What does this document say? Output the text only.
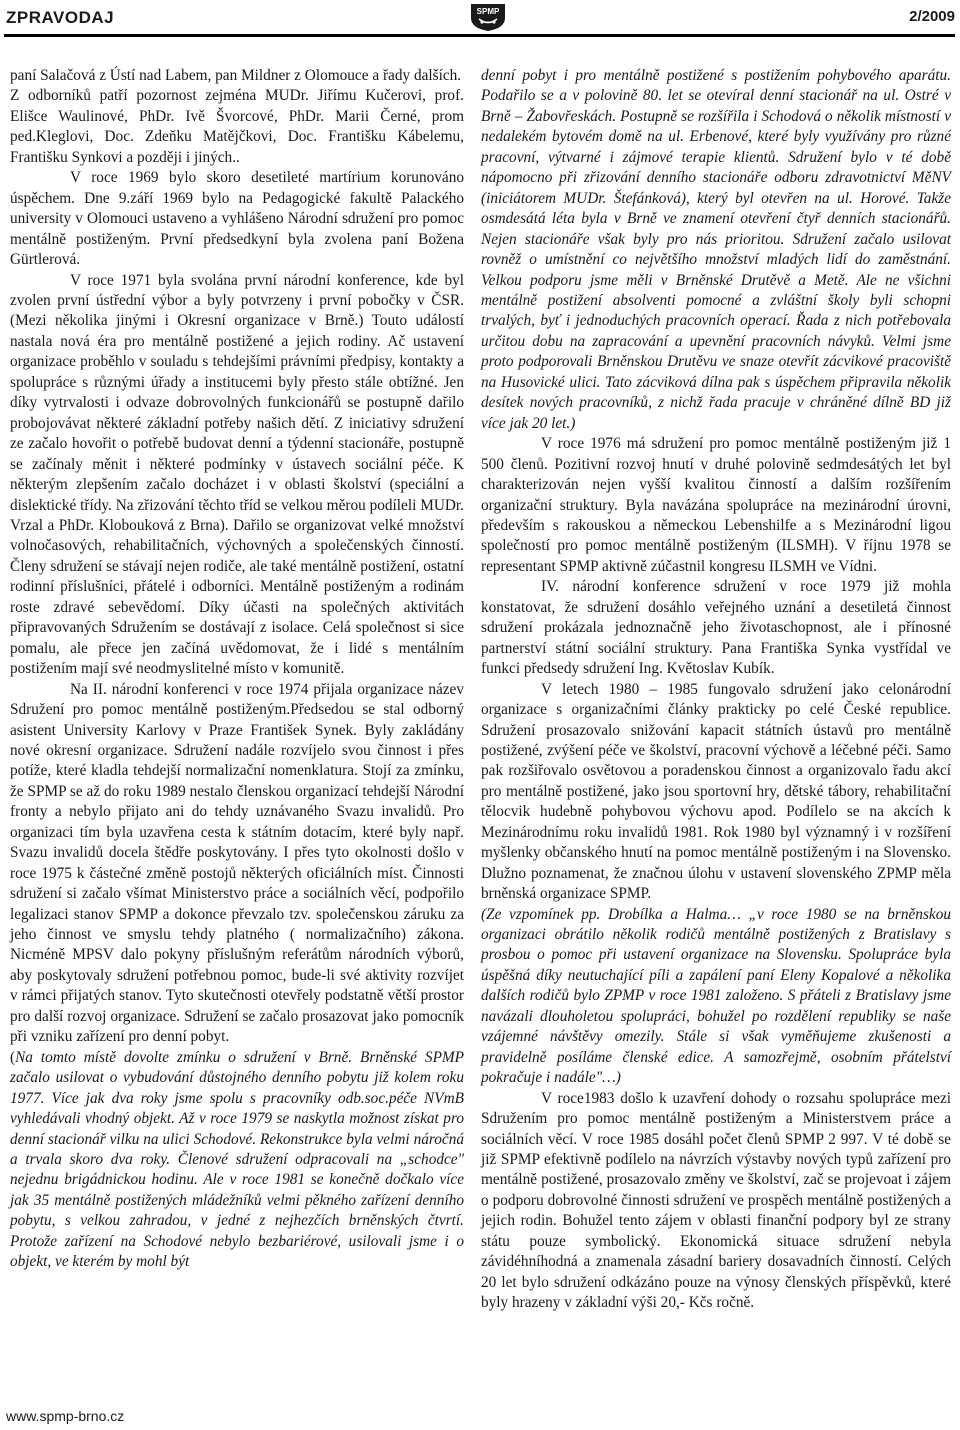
ZPRAVODAJ	SPMP	2/2009

paní Salačová z Ústí nad Labem, pan Mildner z Olomouce a řady dalších.

Z odborníků patří pozornost zejména MUDr. Jiřímu Kučerovi, prof. Elišce Waulinové, PhDr. Ivě Švorcové, PhDr. Marii Černé, prom ped.Kleglovi, Doc. Zdeňku Matějčkovi, Doc. Františku Kábelemu, Františku Synkovi a později i jiných..

V roce 1969 bylo skoro desetileté martírium korunováno úspěchem. Dne 9.září 1969 bylo na Pedagogické fakultě Palackého university v Olomouci ustaveno a vyhlášeno Národní sdružení pro pomoc mentálně postiženým. První předsedkyní byla zvolena paní Božena Gürtlerová.

V roce 1971 byla svolána první národní konference, kde byl zvolen první ústřední výbor a byly potvrzeny i první pobočky v ČSR. (Mezi několika jinými i Okresní organizace v Brně.) Touto událostí nastala nová éra pro mentálně postižené a jejich rodiny. Ač ustavení organizace proběhlo v souladu s tehdejšími právními předpisy, kontakty a spolupráce s různými úřady a institucemi byly přesto stále obtížné. Jen díky vytrvalosti i odvaze dobrovolných funkcionářů se postupně dařilo probojovávat některé základní potřeby našich dětí. Z iniciativy sdružení ze začalo hovořit o potřebě budovat denní a týdenní stacionáře, postupně se začínaly měnit i některé podmínky v ústavech sociální péče. K některým zlepšením začalo docházet i v oblasti školství (speciální a dislektické třídy. Na zřizování těchto tříd se velkou měrou podíleli MUDr. Vrzal a PhDr. Klobouková z Brna). Dařilo se organizovat velké množství volnočasových, rehabilitačních, výchovných a společenských činností. Členy sdružení se stávají nejen rodiče, ale také mentálně postižení, ostatní rodinní příslušníci, přátelé i odborníci. Mentálně postiženým a rodinám roste zdravé sebevědomí. Díky účasti na společných aktivitách připravovaných Sdružením se dostávají z isolace. Celá společnost si sice pomalu, ale přece jen začíná uvědomovat, že i lidé s mentálním postižením mají své neodmyslitelné místo v komunitě.

Na II. národní konferenci v roce 1974 přijala organizace název Sdružení pro pomoc mentálně postiženým.Předsedou se stal odborný asistent University Karlovy v Praze František Synek. Byly zakládány nové okresní organizace. Sdružení nadále rozvíjelo svou činnost i přes potíže, které kladla tehdejší normalizační nomenklatura. Stojí za zmínku, že SPMP se až do roku 1989 nestalo členskou organizací tehdejší Národní fronty a nebylo přijato ani do tehdy uznávaného Svazu invalidů. Pro organizaci tím byla uzavřena cesta k státním dotacím, které byly např. Svazu invalidů docela štědře poskytovány. I přes tyto okolnosti došlo v roce 1975 k částečné změně postojů některých oficiálních míst. Činnosti sdružení si začalo všímat Ministerstvo práce a sociálních věcí, podpořilo legalizaci stanov SPMP a dokonce převzalo tzv. společenskou záruku za jeho činnost ve smyslu tehdy platného ( normalizačního) zákona. Nicméně MPSV dalo pokyny příslušným referátům národních výborů, aby poskytovaly sdružení potřebnou pomoc, bude-li své aktivity rozvíjet v rámci přijatých stanov. Tyto skutečnosti otevřely podstatně větší prostor pro další rozvoj organizace. Sdružení se začalo prosazovat jako pomocník při vzniku zařízení pro denní pobyt.

(Na tomto místě dovolte zmínku o sdružení v Brně. Brněnské SPMP začalo usilovat o vybudování důstojného denního pobytu již kolem roku 1977. Více jak dva roky jsme spolu s pracovníky odb.soc.péče NVmB vyhledávali vhodný objekt. Až v roce 1979 se naskytla možnost získat pro denní stacionář vilku na ulici Schodové. Rekonstrukce byla velmi náročná a trvala skoro dva roky. Členové sdružení odpracovali na „schodce" nejednu brigádnickou hodinu. Ale v roce 1981 se konečně dočkalo více jak 35 mentálně postižených mládežníků velmi pěkného zařízení denního pobytu, s velkou zahradou, v jedné z nejhezčích brněnských čtvrtí. Protože zařízení na Schodové nebylo bezbariérové, usilovali jsme i o objekt, ve kterém by mohl být

denní pobyt i pro mentálně postižené s postižením pohybového aparátu. Podařilo se a v polovině 80. let se otevíral denní stacionář na ul. Ostré v Brně – Žabovřeskách. Postupně se rozšířila i Schodová o několik místností v nedalekém bytovém domě na ul. Erbenové, které byly využívány pro různé pracovní, výtvarné i zájmové terapie klientů. Sdružení bylo v té době nápomocno při zřizování denního stacionáře odboru zdravotnictví MěNV (iniciátorem MUDr. Štefánková), který byl otevřen na ul. Horové. Takže osmdesátá léta byla v Brně ve znamení otevření čtyř denních stacionářů. Nejen stacionáře však byly pro nás prioritou. Sdružení začalo usilovat rovněž o umístnění co největšího množství mladých lidí do zaměstnání. Velkou podporu jsme měli v Brněnské Drutěvě a Metě. Ale ne všichni mentálně postižení absolventi pomocné a zvláštní školy byli schopni trvalých, byť i jednoduchých pracovních operací. Řada z nich potřebovala určitou dobu na zapracování a upevnění pracovních návyků. Velmi jsme proto podporovali Brněnskou Drutěvu ve snaze otevřít zácvikové pracoviště na Husovické ulici. Tato zácviková dílna pak s úspěchem připravila několik desítek nových pracovníků, z nichž řada pracuje v chráněné dílně BD již více jak 20 let.)

V roce 1976 má sdružení pro pomoc mentálně postiženým již 1 500 členů. Pozitivní rozvoj hnutí v druhé polovině sedmdesátých let byl charakterizován nejen vyšší kvalitou činností a dalším rozšířením organizační struktury. Byla navázána spolupráce na mezinárodní úrovni, především s rakouskou a německou Lebenshilfe a s Mezinárodní ligou společností pro pomoc mentálně postiženým (ILSMH). V říjnu 1978 se representant SPMP aktivně zúčastnil kongresu ILSMH ve Vídni.

IV. národní konference sdružení v roce 1979 již mohla konstatovat, že sdružení dosáhlo veřejného uznání a desetiletá činnost sdružení prokázala jednoznačně jeho životaschopnost, ale i přínosné partnerství státní sociální struktury. Pana Františka Synka vystřídal ve funkci předsedy sdružení Ing. Květoslav Kubík.

V letech 1980 – 1985 fungovalo sdružení jako celonárodní organizace s organizačními články prakticky po celé České republice. Sdružení prosazovalo snižování kapacit státních ústavů pro mentálně postižené, zvýšení péče ve školství, pracovní výchově a léčebné péči. Samo pak rozšiřovalo osvětovou a poradenskou činnost a organizovalo řadu akcí pro mentálně postižené, jako jsou sportovní hry, dětské tábory, rehabilitační tělocvik hudebně pohybovou výchovu apod. Podílelo se na akcích k Mezinárodnímu roku invalidů 1981. Rok 1980 byl významný i v rozšíření myšlenky občanského hnutí na pomoc mentálně postiženým i na Slovensko. Dlužno poznamenat, že značnou úlohu v ustavení slovenského ZPMP měla brněnská organizace SPMP.

(Ze vzpomínek pp. Drobílka a Halma… „v roce 1980 se na brněnskou organizaci obrátilo několik rodičů mentálně postižených z Bratislavy s prosbou o pomoc při ustavení organizace na Slovensku. Spolupráce byla úspěšná díky neutuchající píli a zapálení paní Eleny Kopalové a několika dalších rodičů bylo ZPMP v roce 1981 založeno. S přáteli z Bratislavy jsme navázali dlouholetou spolupráci, bohužel po rozdělení republiky se naše vzájemné návštěvy omezily. Stále si však vyměňujeme zkušenosti a pravidelně posíláme členské edice. A samozřejmě, osobním přátelství pokračuje i nadále"…)

V roce1983 došlo k uzavření dohody o rozsahu spolupráce mezi Sdružením pro pomoc mentálně postiženým a Ministerstvem práce a sociálních věcí. V roce 1985 dosáhl počet členů SPMP 2 997. V té době se již SPMP efektivně podílelo na návrzích výstavby nových typů zařízení pro mentálně postižené, prosazovalo změny ve školství, zač se projevoat i zájem o podporu dobrovolné činnosti sdružení ve prospěch mentálně postižených a jejich rodin. Bohužel tento zájem v oblasti finanční podpory byl ze strany státu pouze symbolický. Ekonomická situace sdružení nebyla závidéhníhodná a znamenala zásadní bariery dosavadních činností. Celých 20 let bylo sdružení odkázáno pouze na výnosy členských příspěvků, které byly hrazeny v základní výši 20,- Kčs ročně.

www.spmp-brno.cz
